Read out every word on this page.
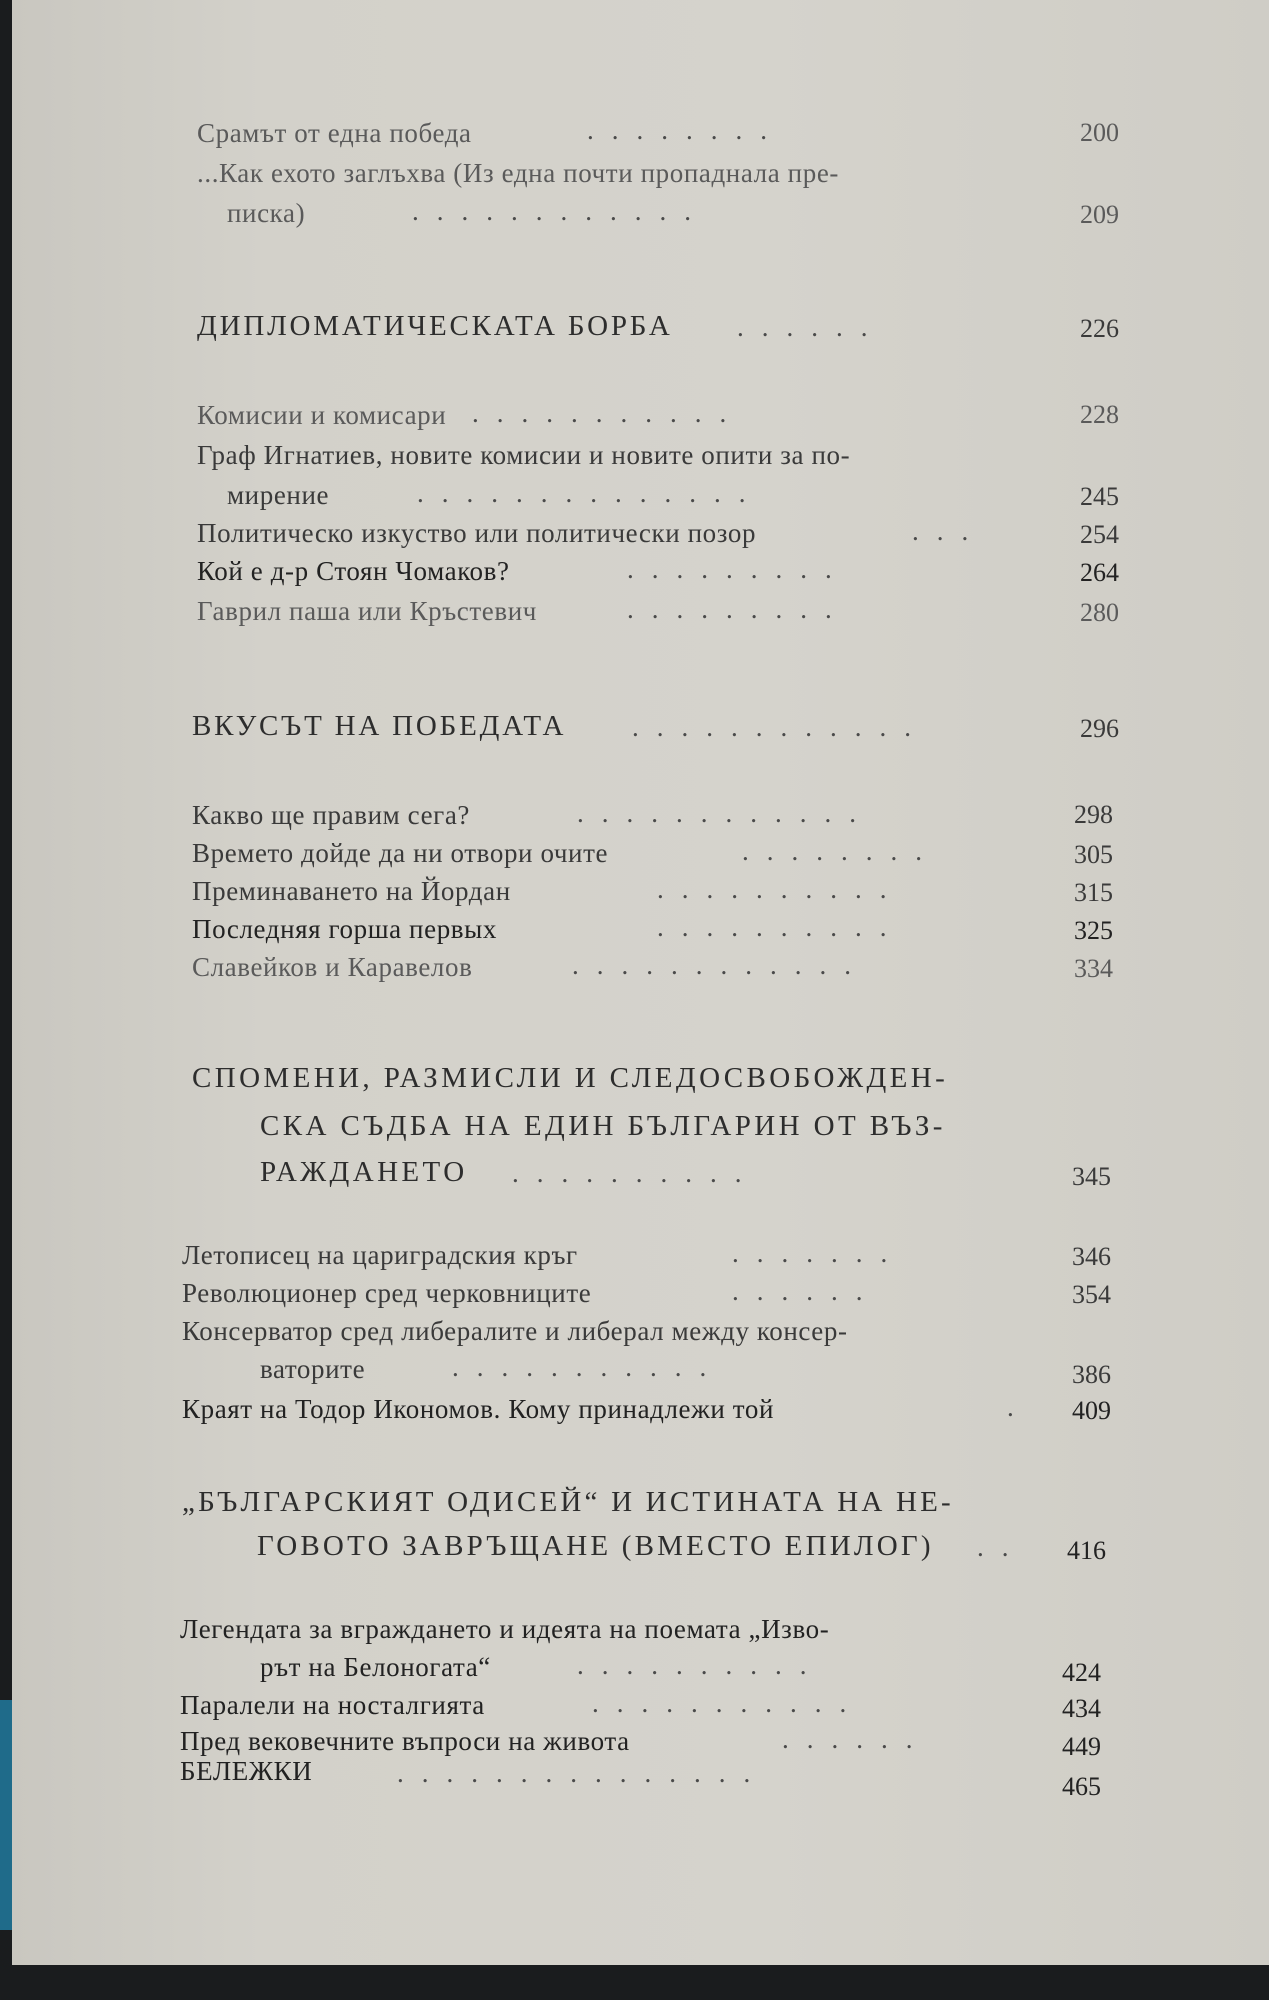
Срамът от една победа	........	200
...Как ехото заглъхва (Из една почти пропаднала пре-
писка)	............	209
ДИПЛОМАТИЧЕСКАТА БОРБА ......	226
Комисии и комисари ...........	228
Граф Игнатиев, новите комисии и новите опити за по-
мирение	..............	245
Политическо изкуство или политически позор	...	254
Кой е д-р Стоян Чомаков?	.........	264
Гаврил паша или Кръстевич	.........	280
ВКУСЪТ НА ПОБЕДАТА ............	296
Какво ще правим сега?	............	298
Времето дойде да ни отвори очите	........	305
Преминаването на Йордан	..........	315
Последняя горша первых	..........	325
Славейков и Каравелов	............	334
СПОМЕНИ, РАЗМИСЛИ И СЛЕДОСВОБОЖДЕН-
СКА СЪДБА НА ЕДИН БЪЛГАРИН ОТ ВЪЗ-
РАЖДАНЕТО ..........	345
Летописец на цариградския кръг	.......	346
Революционер сред черковниците	......	354
Консерватор сред либералите и либерал между консер-
ваторите	...........	386
Краят на Тодор Икономов. Кому принадлежи той	. 409
„БЪЛГАРСКИЯТ ОДИСЕЙ“ И ИСТИНАТА НА НЕ-
ГОВОТО ЗАВРЪЩАНЕ (ВМЕСТО ЕПИЛОГ) .. 416
Легендата за вграждането и идеята на поемата „Изво-
рът на Белоногата“	..........	424
Паралели на носталгията	...........	434
Пред вековечните въпроси на живота	......	449
БЕЛЕЖКИ	...............	465
